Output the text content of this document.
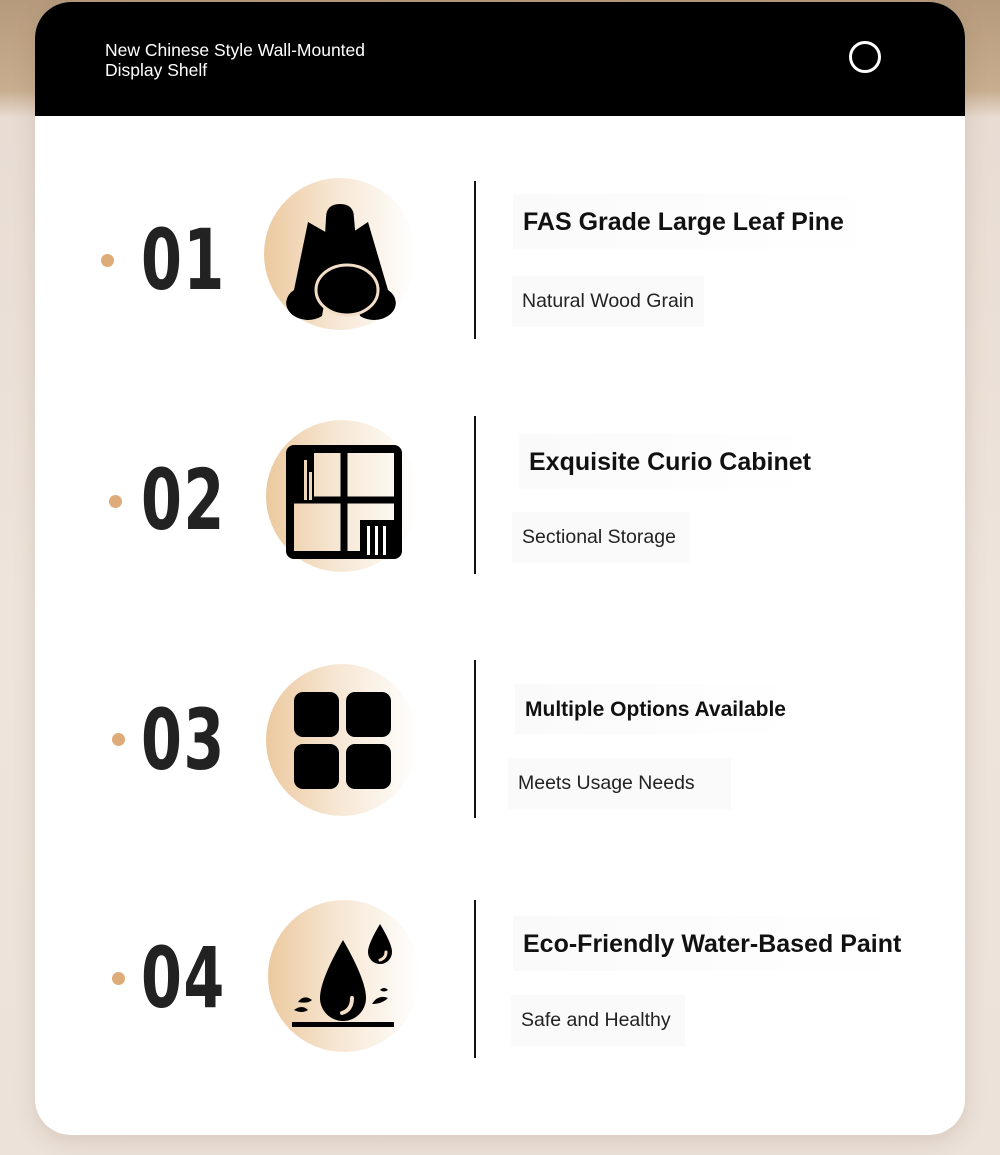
New Chinese Style Wall-Mounted
Display Shelf
01	FAS Grade Large Leaf Pine
Natural Wood Grain
02	Exquisite Curio Cabinet
Sectional Storage
03	Multiple Options Available
Meets Usage Needs
04	Eco-Friendly Water-Based Paint
Safe and Healthy
